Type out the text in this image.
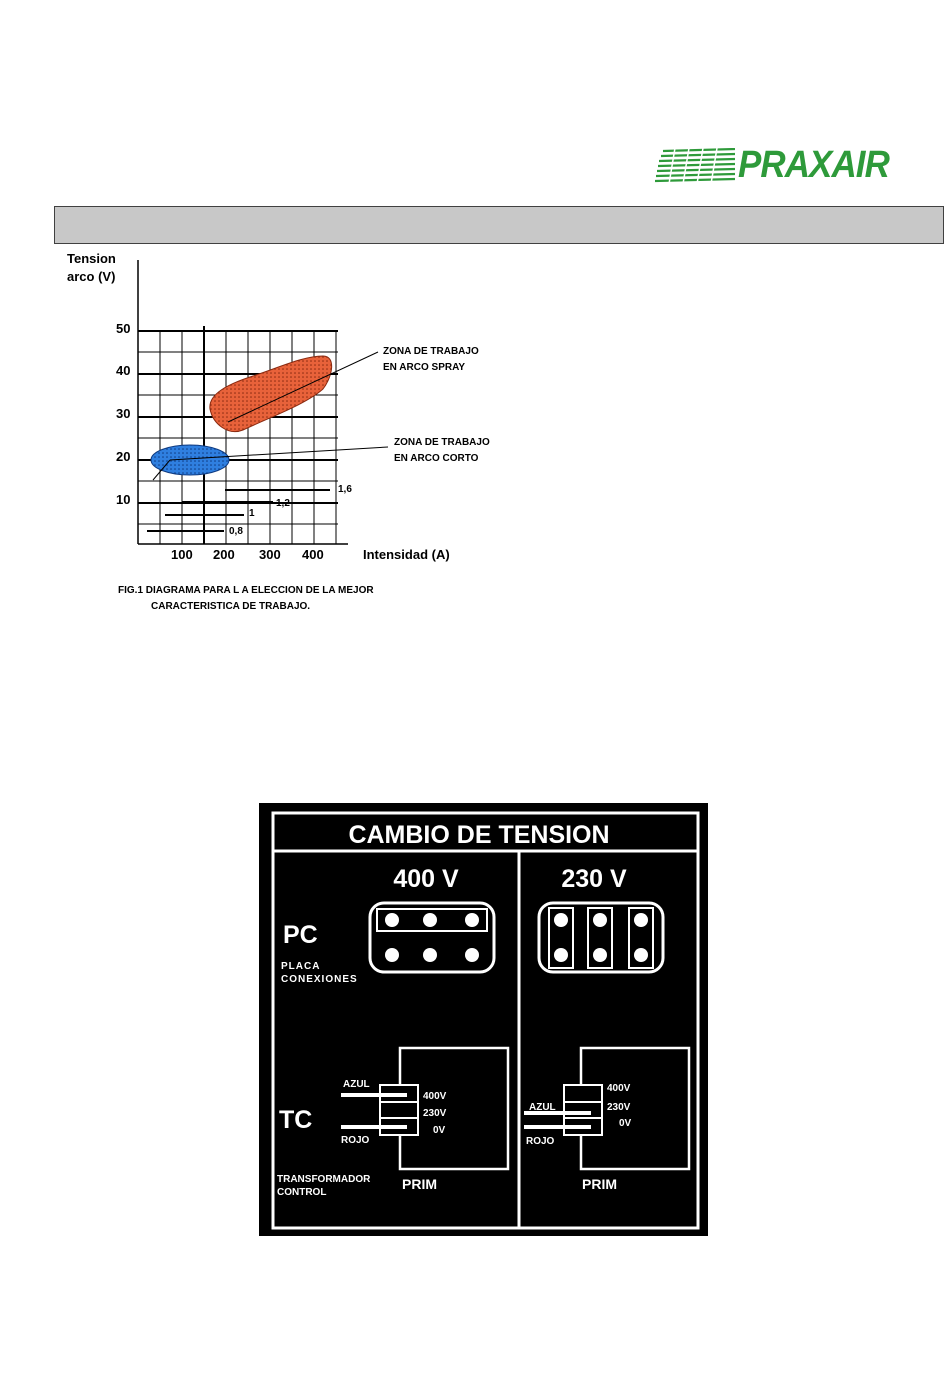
PRAXAIR
Tension
arco (V)
50
40
30
20
10
100 200 300 400	Intensidad (A)
ZONA DE TRABAJO
EN ARCO SPRAY
ZONA DE TRABAJO
EN ARCO CORTO
1,6
1,2
1
0,8
FIG.1 DIAGRAMA PARA L A ELECCION DE LA MEJOR
CARACTERISTICA DE TRABAJO.
CAMBIO DE TENSION
400 V	230 V
PC
PLACA
CONEXIONES
TC
TRANSFORMADOR
CONTROL
AZUL
ROJO
400V
230V
0V
PRIM
AZUL
ROJO
400V
230V
0V
PRIM
